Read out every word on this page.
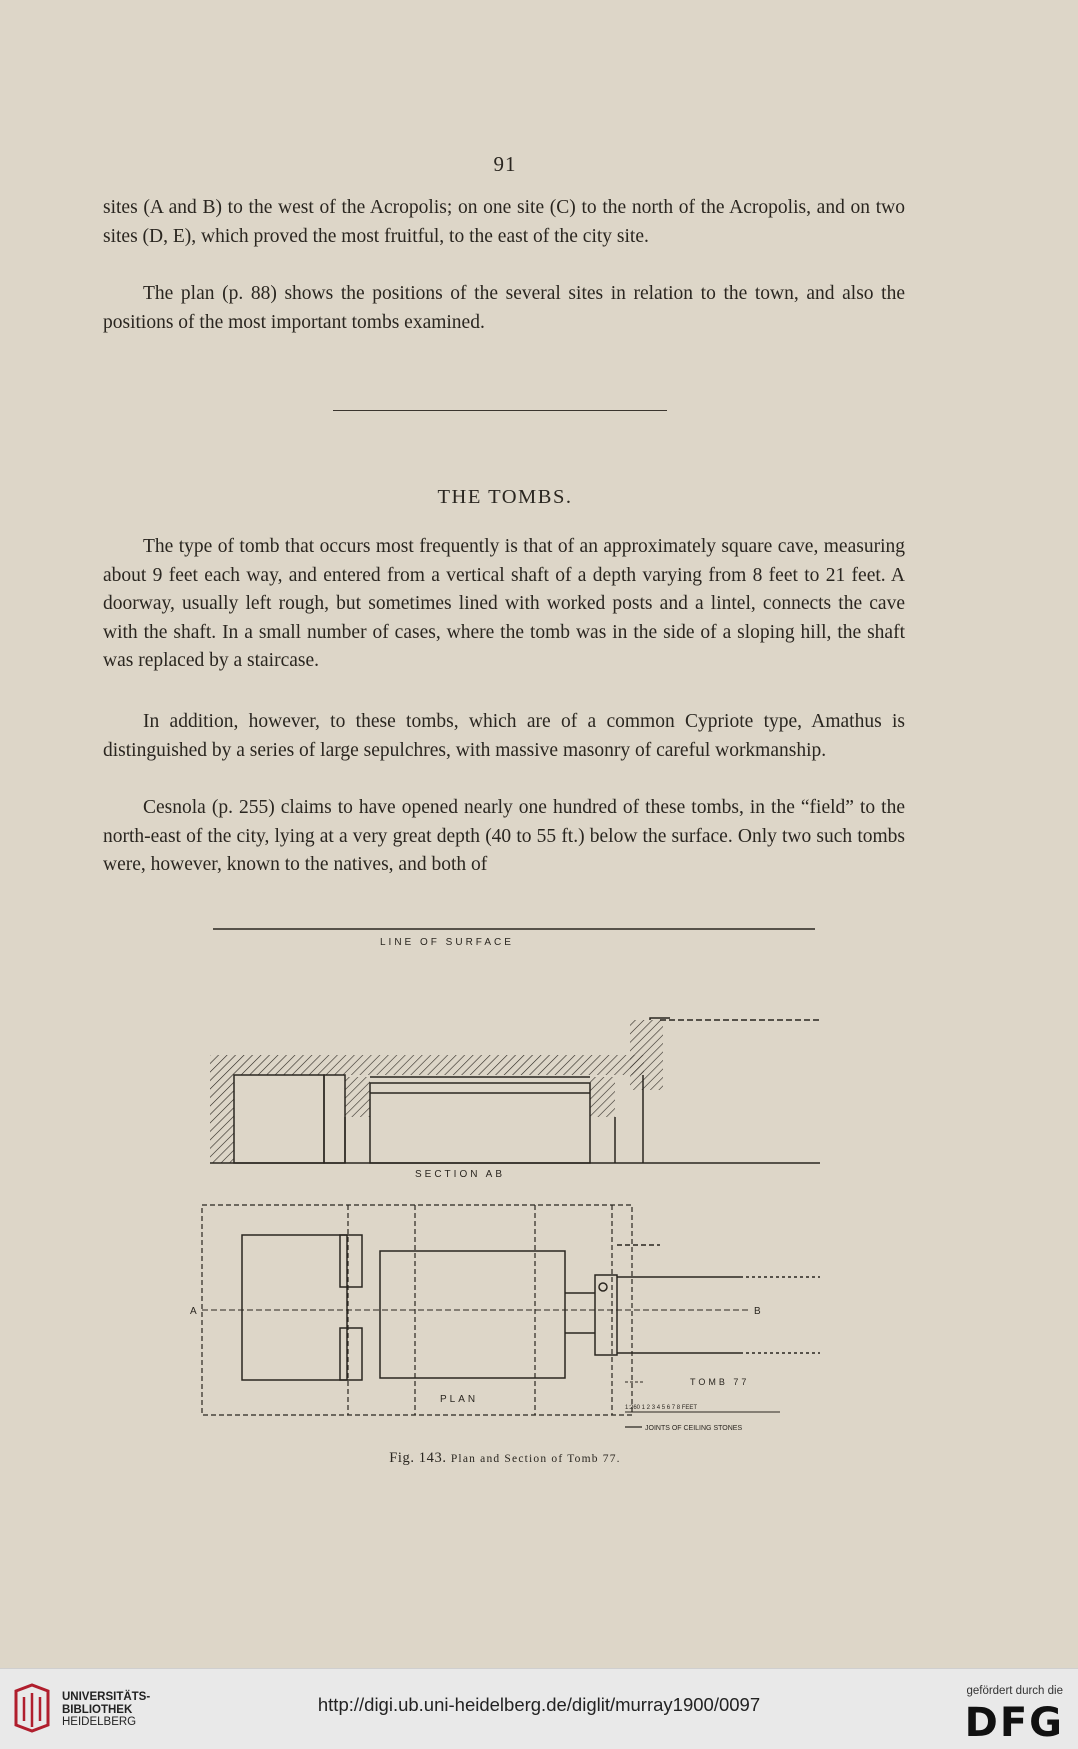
91

sites (A and B) to the west of the Acropolis; on one site (C) to the north of the Acropolis, and on two sites (D, E), which proved the most fruitful, to the east of the city site.

The plan (p. 88) shows the positions of the several sites in relation to the town, and also the positions of the most important tombs examined.

THE TOMBS.

The type of tomb that occurs most frequently is that of an approximately square cave, measuring about 9 feet each way, and entered from a vertical shaft of a depth varying from 8 feet to 21 feet. A doorway, usually left rough, but sometimes lined with worked posts and a lintel, connects the cave with the shaft. In a small number of cases, where the tomb was in the side of a sloping hill, the shaft was replaced by a staircase.

In addition, however, to these tombs, which are of a common Cypriote type, Amathus is distinguished by a series of large sepulchres, with massive masonry of careful workmanship.

Cesnola (p. 255) claims to have opened nearly one hundred of these tombs, in the “field” to the north-east of the city, lying at a very great depth (40 to 55 ft.) below the surface. Only two such tombs were, however, known to the natives, and both of

LINE OF SURFACE
SECTION AB
A	B
PLAN
TOMB 77
1:260 1 2 3 4 5 6 7 8 FEET
JOINTS OF CEILING STONES
Fig. 143. Plan and Section of Tomb 77.
UNIVERSITÄTS-
BIBLIOTHEK
HEIDELBERG
http://digi.ub.uni-heidelberg.de/diglit/murray1900/0097
gefördert durch die
DFG
